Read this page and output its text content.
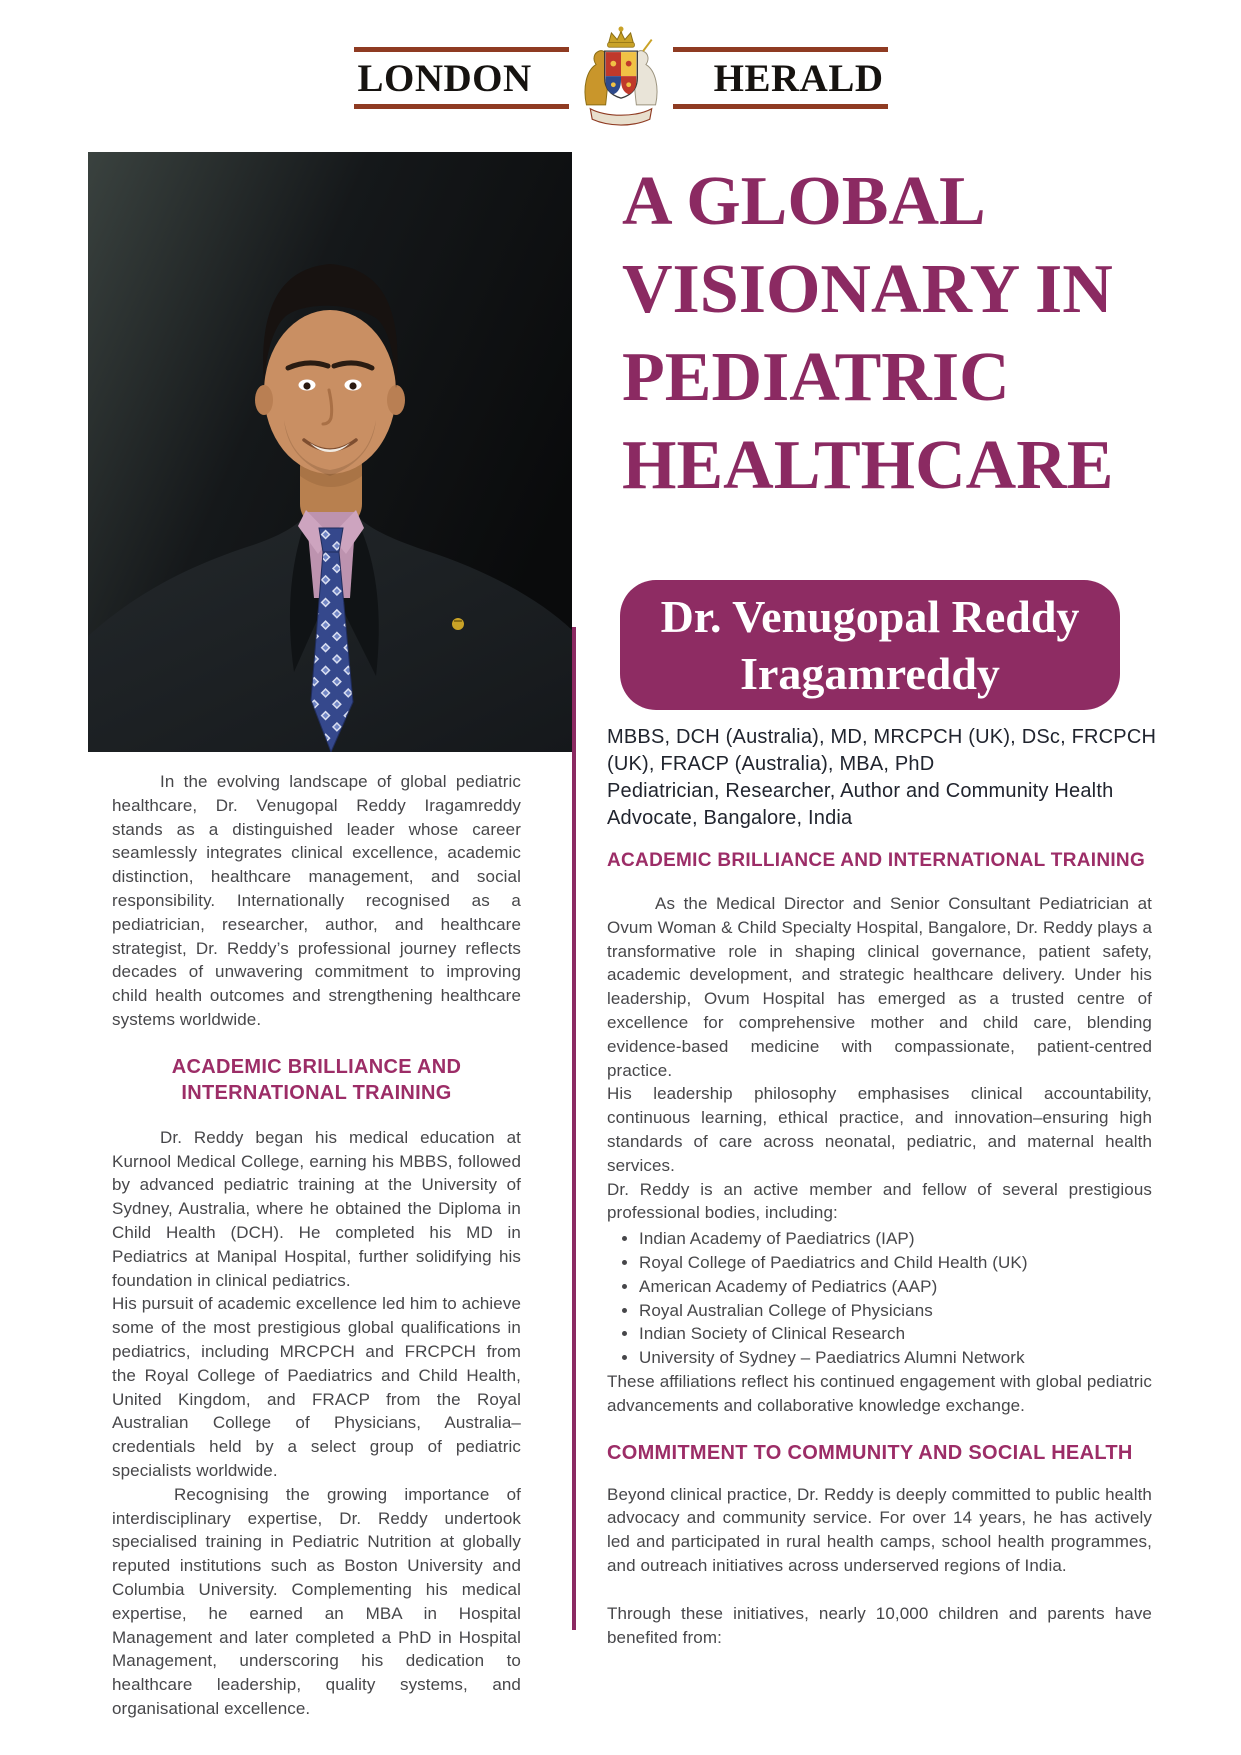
LONDON	HERALD
A GLOBAL
VISIONARY IN
PEDIATRIC
HEALTHCARE
Dr. Venugopal Reddy
Iragamreddy

MBBS, DCH (Australia), MD, MRCPCH (UK), DSc, FRCPCH (UK), FRACP (Australia), MBA, PhD

Pediatrician, Researcher, Author and Community Health Advocate, Bangalore, India

ACADEMIC BRILLIANCE AND INTERNATIONAL TRAINING

As the Medical Director and Senior Consultant Pediatrician at Ovum Woman & Child Specialty Hospital, Bangalore, Dr. Reddy plays a transformative role in shaping clinical governance, patient safety, academic development, and strategic healthcare delivery. Under his leadership, Ovum Hospital has emerged as a trusted centre of excellence for comprehensive mother and child care, blending evidence-based medicine with compassionate, patient-centred practice.

His leadership philosophy emphasises clinical accountability, continuous learning, ethical practice, and innovation–ensuring high standards of care across neonatal, pediatric, and maternal health services.

Dr. Reddy is an active member and fellow of several prestigious professional bodies, including:

• Indian Academy of Paediatrics (IAP)
• Royal College of Paediatrics and Child Health (UK)
• American Academy of Pediatrics (AAP)
• Royal Australian College of Physicians
• Indian Society of Clinical Research
• University of Sydney – Paediatrics Alumni Network

These affiliations reflect his continued engagement with global pediatric advancements and collaborative knowledge exchange.

COMMITMENT TO COMMUNITY AND SOCIAL HEALTH

Beyond clinical practice, Dr. Reddy is deeply committed to public health advocacy and community service. For over 14 years, he has actively led and participated in rural health camps, school health programmes, and outreach initiatives across underserved regions of India.

Through these initiatives, nearly 10,000 children and parents have benefited from:

In the evolving landscape of global pediatric healthcare, Dr. Venugopal Reddy Iragamreddy stands as a distinguished leader whose career seamlessly integrates clinical excellence, academic distinction, healthcare management, and social responsibility. Internationally recognised as a pediatrician, researcher, author, and healthcare strategist, Dr. Reddy’s professional journey reflects decades of unwavering commitment to improving child health outcomes and strengthening healthcare systems worldwide.

ACADEMIC BRILLIANCE AND INTERNATIONAL TRAINING

Dr. Reddy began his medical education at Kurnool Medical College, earning his MBBS, followed by advanced pediatric training at the University of Sydney, Australia, where he obtained the Diploma in Child Health (DCH). He completed his MD in Pediatrics at Manipal Hospital, further solidifying his foundation in clinical pediatrics.

His pursuit of academic excellence led him to achieve some of the most prestigious global qualifications in pediatrics, including MRCPCH and FRCPCH from the Royal College of Paediatrics and Child Health, United Kingdom, and FRACP from the Royal Australian College of Physicians, Australia–credentials held by a select group of pediatric specialists worldwide.

Recognising the growing importance of interdisciplinary expertise, Dr. Reddy undertook specialised training in Pediatric Nutrition at globally reputed institutions such as Boston University and Columbia University. Complementing his medical expertise, he earned an MBA in Hospital Management and later completed a PhD in Hospital Management, underscoring his dedication to healthcare leadership, quality systems, and organisational excellence.
